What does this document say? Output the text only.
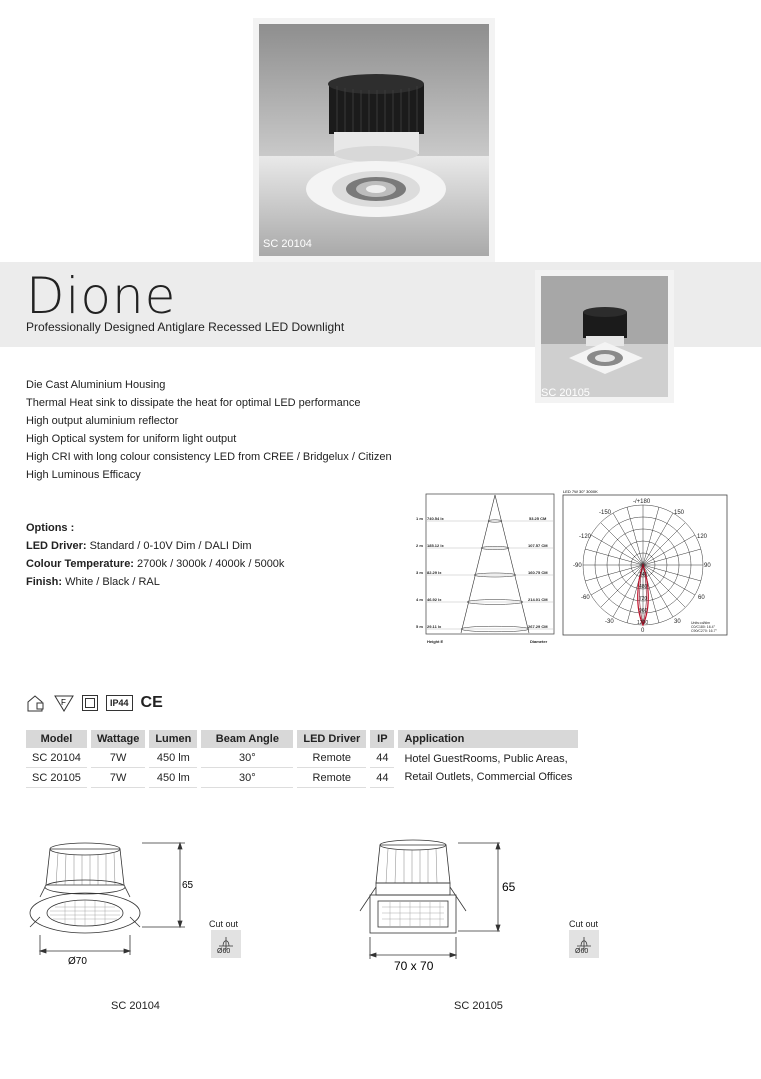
SC 20104
SC 20105
Dione
Professionally Designed Antiglare Recessed LED Downlight
Die Cast Aluminium Housing
Thermal Heat sink to dissipate the heat for optimal LED performance
High output aluminium reflector
High Optical system for uniform light output
High CRI with long colour consistency LED from CREE / Bridgelux / Citizen
High Luminous Efficacy
Options :
LED Driver: Standard / 0-10V Dim / DALI Dim
Colour Temperature: 2700k / 3000k / 4000k / 5000k
Finish: White / Black / RAL
1 m 740.54 lx	53.25 CM
2 m 185.12 lx	107.57 CM
3 m 82.29 lx	160.75 CM
4 m 46.92 lx	214.01 CM
5 m 29.11 lx	267.29 CM
Height E	Diameter
LED 7W 30° 3000K
-/+180
-150	150
-120	120
-90	90
-60	60
-30	30
0
240
480
720
960
1200	Units:cd/klm
C0/C180: 16.4°
C90/C270: 16.7°
F	IP44 CE
Model	Wattage	Lumen	Beam Angle	LED Driver	IP	Application
SC 20104	7W	450 lm	30°	Remote	44	Hotel GuestRooms, Public Areas,
Retail Outlets, Commercial Offices

SC 20105	7W	450 lm	30°	Remote	44	
65
Ø70
Cut out
Ø60
65
70 x 70
Cut out
Ø60
SC 20104	SC 20105
